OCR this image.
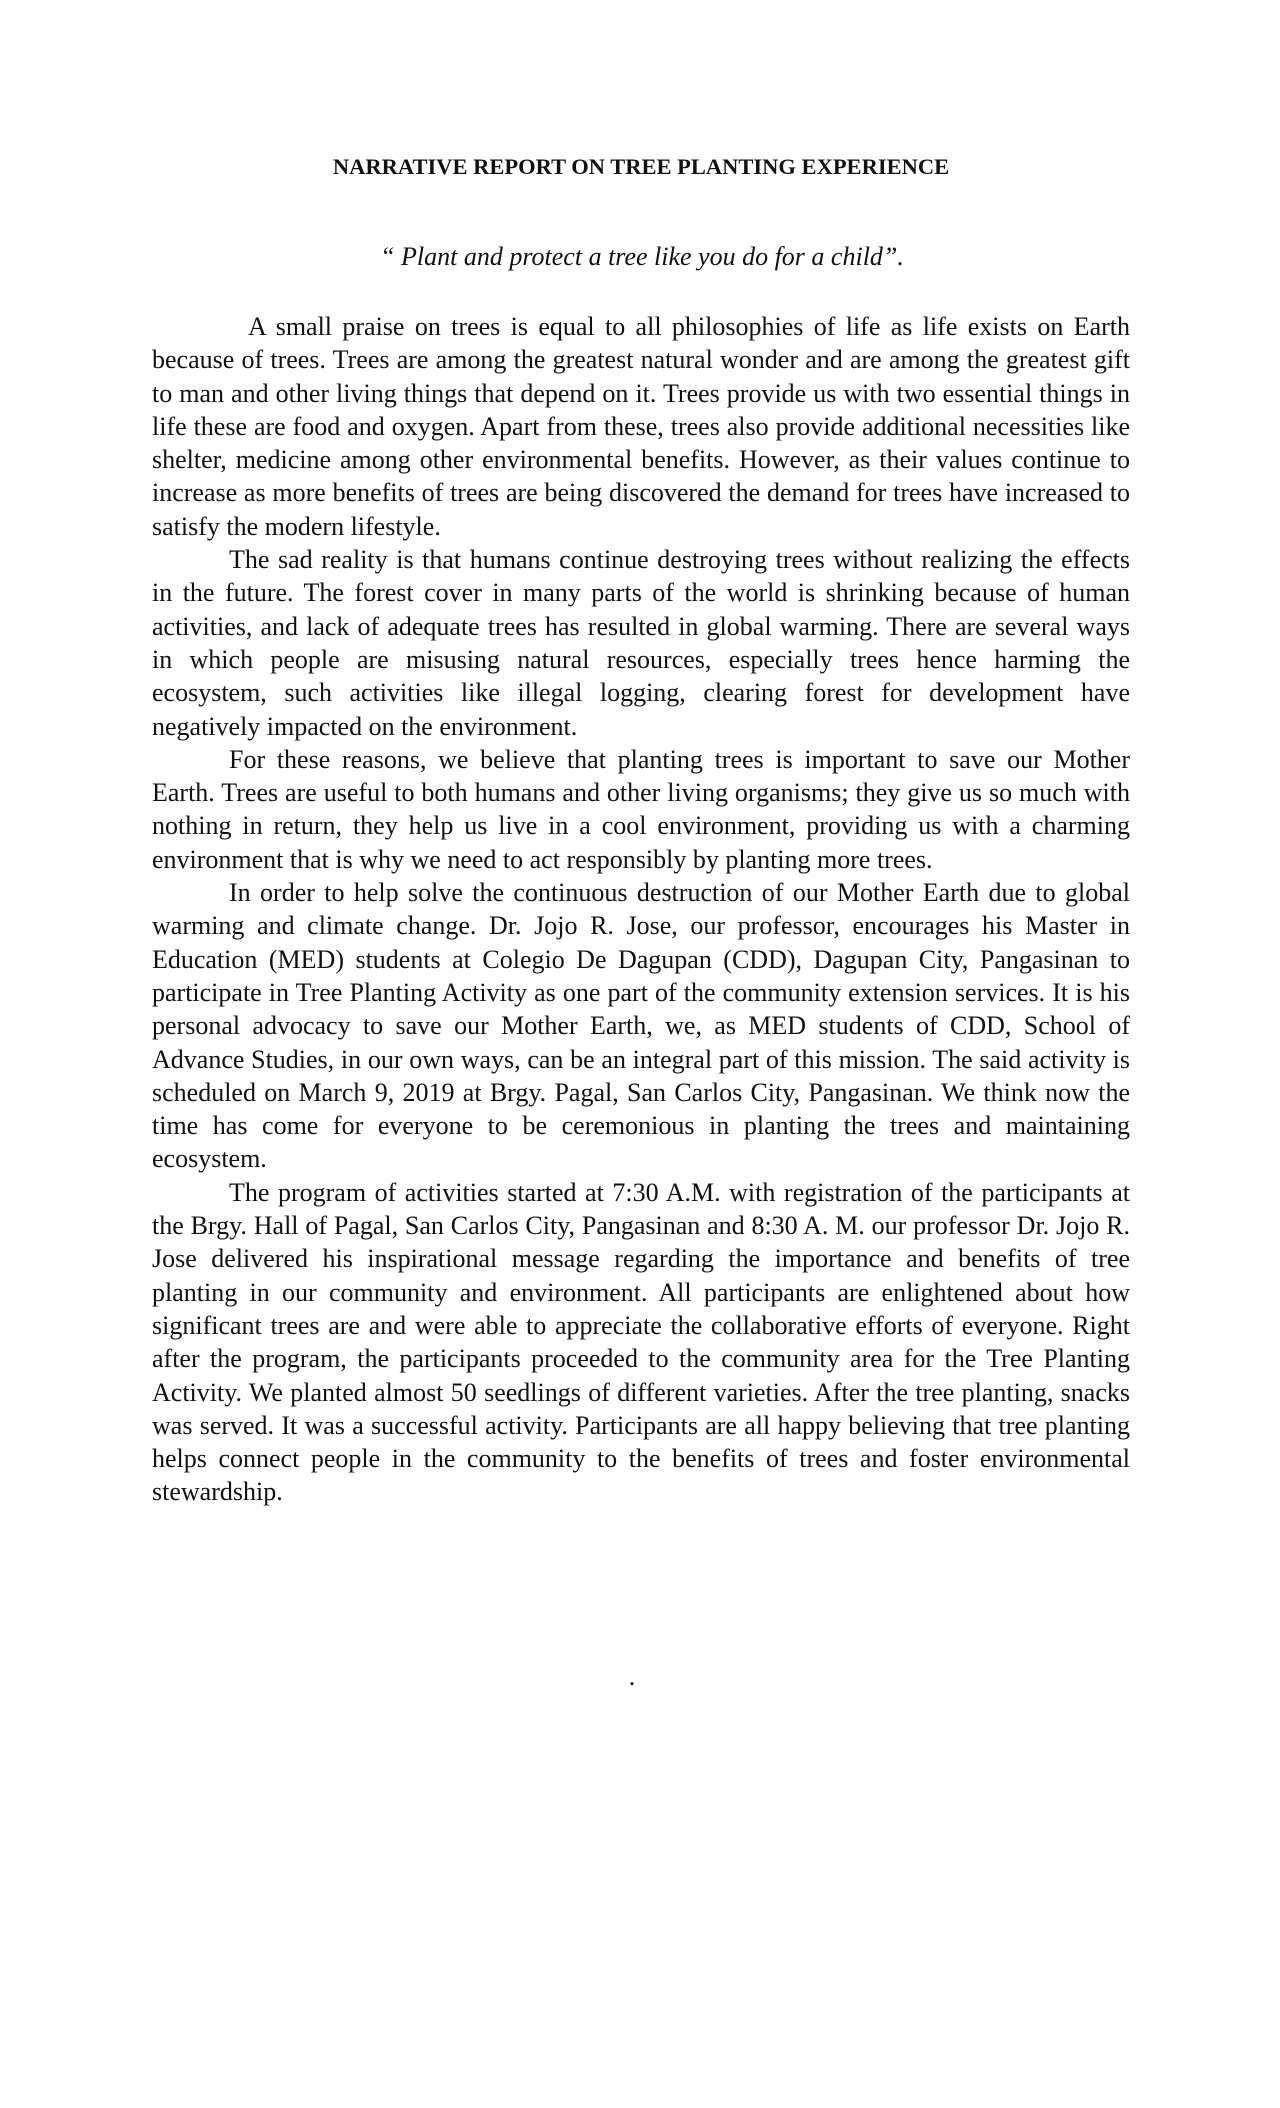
NARRATIVE REPORT ON TREE PLANTING EXPERIENCE

“ Plant and protect a tree like you do for a child”.

A small praise on trees is equal to all philosophies of life as life exists on Earth because of trees. Trees are among the greatest natural wonder and are among the greatest gift to man and other living things that depend on it. Trees provide us with two essential things in life these are food and oxygen. Apart from these, trees also provide additional necessities like shelter, medicine among other environmental benefits. However, as their values continue to increase as more benefits of trees are being discovered the demand for trees have increased to satisfy the modern lifestyle.

The sad reality is that humans continue destroying trees without realizing the effects in the future. The forest cover in many parts of the world is shrinking because of human activities, and lack of adequate trees has resulted in global warming. There are several ways in which people are misusing natural resources, especially trees hence harming the ecosystem, such activities like illegal logging, clearing forest for development have negatively impacted on the environment.

For these reasons, we believe that planting trees is important to save our Mother Earth. Trees are useful to both humans and other living organisms; they give us so much with nothing in return, they help us live in a cool environment, providing us with a charming environment that is why we need to act responsibly by planting more trees.

In order to help solve the continuous destruction of our Mother Earth due to global warming and climate change. Dr. Jojo R. Jose, our professor, encourages his Master in Education (MED) students at Colegio De Dagupan (CDD), Dagupan City, Pangasinan to participate in Tree Planting Activity as one part of the community extension services. It is his personal advocacy to save our Mother Earth, we, as MED students of CDD, School of Advance Studies, in our own ways, can be an integral part of this mission. The said activity is scheduled on March 9, 2019 at Brgy. Pagal, San Carlos City, Pangasinan. We think now the time has come for everyone to be ceremonious in planting the trees and maintaining ecosystem.

The program of activities started at 7:30 A.M. with registration of the participants at the Brgy. Hall of Pagal, San Carlos City, Pangasinan and 8:30 A. M. our professor Dr. Jojo R. Jose delivered his inspirational message regarding the importance and benefits of tree planting in our community and environment. All participants are enlightened about how significant trees are and were able to appreciate the collaborative efforts of everyone. Right after the program, the participants proceeded to the community area for the Tree Planting Activity. We planted almost 50 seedlings of different varieties. After the tree planting, snacks was served. It was a successful activity. Participants are all happy believing that tree planting helps connect people in the community to the benefits of trees and foster environmental stewardship.

.
